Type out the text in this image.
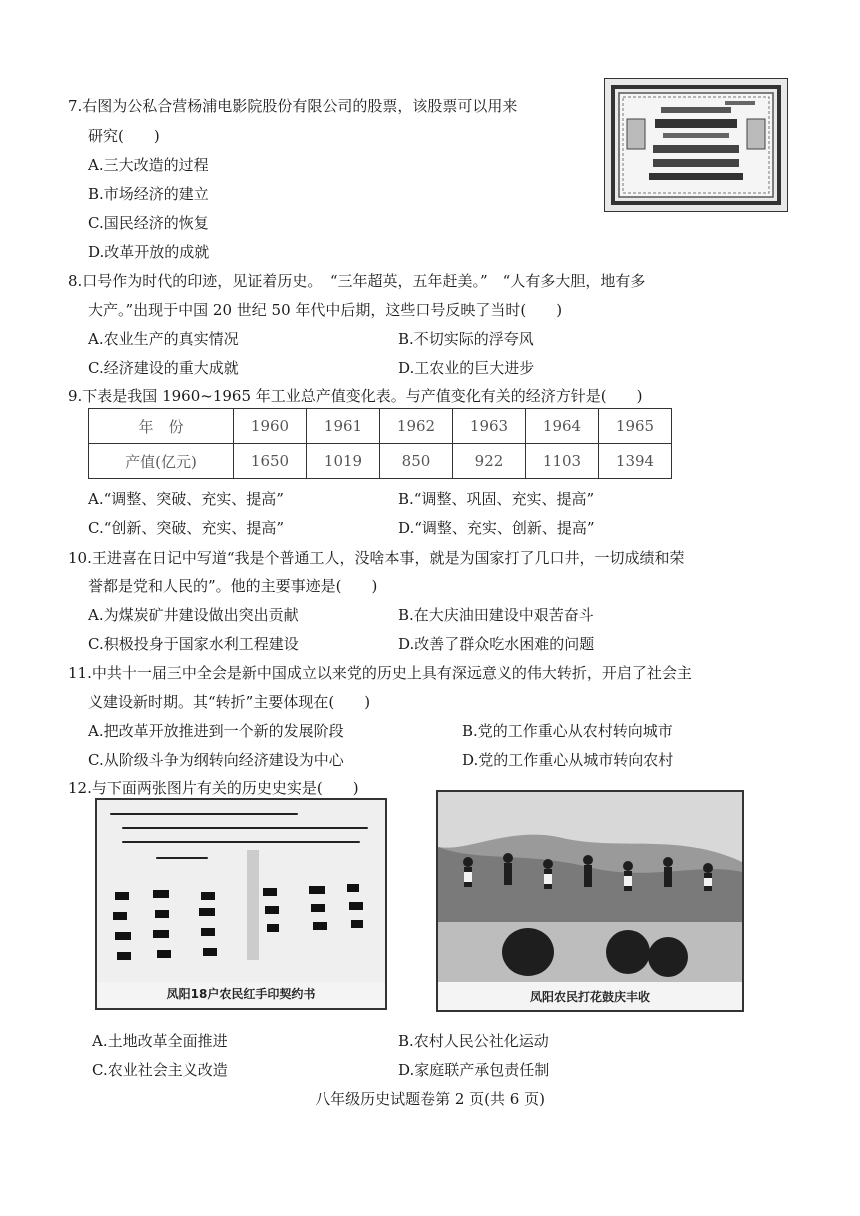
7.右图为公私合营杨浦电影院股份有限公司的股票，该股票可以用来
研究(　　)
A.三大改造的过程
B.市场经济的建立
C.国民经济的恢复
D.改革开放的成就
8.口号作为时代的印迹，见证着历史。　“三年超英，五年赶美。”　“人有多大胆，地有多
大产。”出现于中国 20 世纪 50 年代中后期，这些口号反映了当时(　　)
A.农业生产的真实情况	B.不切实际的浮夸风
C.经济建设的重大成就	D.工农业的巨大进步
9.下表是我国 1960~1965 年工业总产值变化表。与产值变化有关的经济方针是(　　)
年　份	1960	1961	1962	1963	1964	1965
产值(亿元)	1650	1019	850	922	1103	1394
A.“调整、突破、充实、提高”	B.“调整、巩固、充实、提高”
C.“创新、突破、充实、提高”	D.“调整、充实、创新、提高”
10.王进喜在日记中写道“我是个普通工人，没啥本事，就是为国家打了几口井，一切成绩和荣
誉都是党和人民的”。他的主要事迹是(　　)
A.为煤炭矿井建设做出突出贡献	B.在大庆油田建设中艰苦奋斗
C.积极投身于国家水利工程建设	D.改善了群众吃水困难的问题
11.中共十一届三中全会是新中国成立以来党的历史上具有深远意义的伟大转折，开启了社会主
义建设新时期。其“转折”主要体现在(　　)
A.把改革开放推进到一个新的发展阶段	B.党的工作重心从农村转向城市
C.从阶级斗争为纲转向经济建设为中心	D.党的工作重心从城市转向农村
12.与下面两张图片有关的历史史实是(　　)
凤阳18户农民红手印契约书	凤阳农民打花鼓庆丰收
A.土地改革全面推进	B.农村人民公社化运动
C.农业社会主义改造	D.家庭联产承包责任制
八年级历史试题卷第 2 页(共 6 页)
